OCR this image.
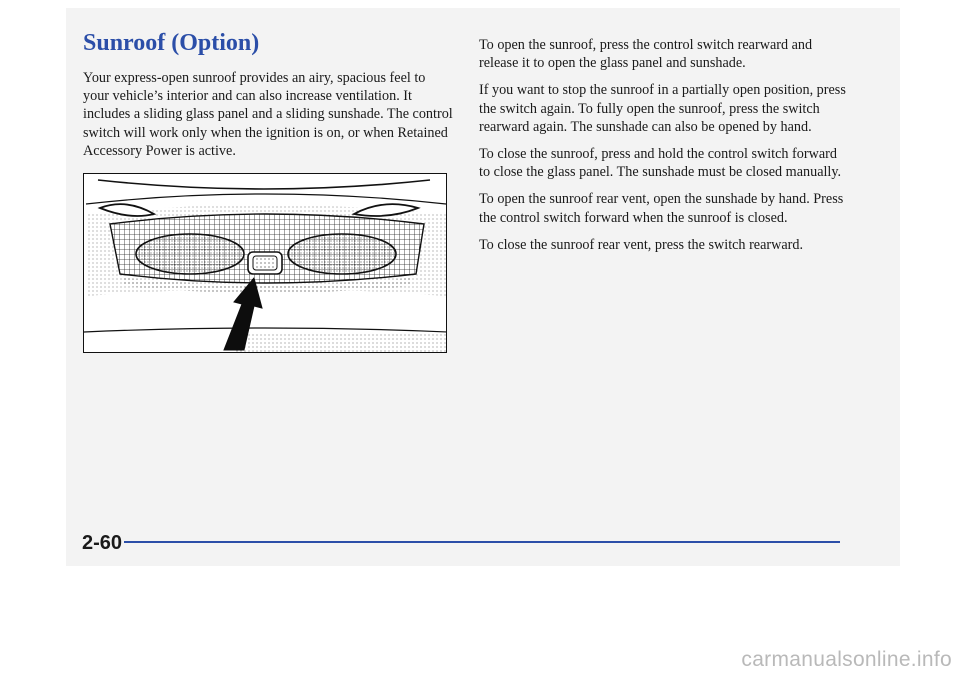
Sunroof (Option)

Your express-open sunroof provides an airy, spacious feel to your vehicle’s interior and can also increase ventilation. It includes a sliding glass panel and a sliding sunshade. The control switch will work only when the ignition is on, or when Retained Accessory Power is active.

To open the sunroof, press the control switch rearward and release it to open the glass panel and sunshade.

If you want to stop the sunroof in a partially open position, press the switch again. To fully open the sunroof, press the switch rearward again. The sunshade can also be opened by hand.

To close the sunroof, press and hold the control switch forward to close the glass panel. The sunshade must be closed manually.

To open the sunroof rear vent, open the sunshade by hand. Press the control switch forward when the sunroof is closed.

To close the sunroof rear vent, press the switch rearward.

2-60
carmanualsonline.info
